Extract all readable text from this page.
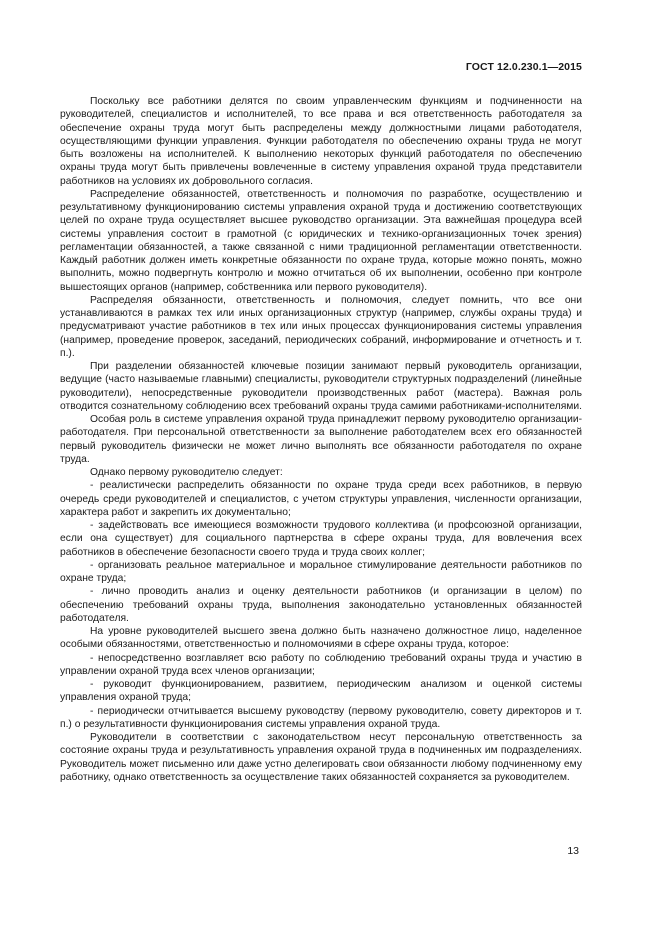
ГОСТ 12.0.230.1—2015

Поскольку все работники делятся по своим управленческим функциям и подчиненности на руководителей, специалистов и исполнителей, то все права и вся ответственность работодателя за обеспечение охраны труда могут быть распределены между должностными лицами работодателя, осуществляющими функции управления. Функции работодателя по обеспечению охраны труда не могут быть возложены на исполнителей. К выполнению некоторых функций работодателя по обеспечению охраны труда могут быть привлечены вовлеченные в систему управления охраной труда представители работников на условиях их добровольного согласия.

Распределение обязанностей, ответственность и полномочия по разработке, осуществлению и результативному функционированию системы управления охраной труда и достижению соответствующих целей по охране труда осуществляет высшее руководство организации. Эта важнейшая процедура всей системы управления состоит в грамотной (с юридических и технико-организационных точек зрения) регламентации обязанностей, а также связанной с ними традиционной регламентации ответственности. Каждый работник должен иметь конкретные обязанности по охране труда, которые можно понять, можно выполнить, можно подвергнуть контролю и можно отчитаться об их выполнении, особенно при контроле вышестоящих органов (например, собственника или первого руководителя).

Распределяя обязанности, ответственность и полномочия, следует помнить, что все они устанавливаются в рамках тех или иных организационных структур (например, службы охраны труда) и предусматривают участие работников в тех или иных процессах функционирования системы управления (например, проведение проверок, заседаний, периодических собраний, информирование и отчетность и т. п.).

При разделении обязанностей ключевые позиции занимают первый руководитель организации, ведущие (часто называемые главными) специалисты, руководители структурных подразделений (линейные руководители), непосредственные руководители производственных работ (мастера). Важная роль отводится сознательному соблюдению всех требований охраны труда самими работниками-исполнителями.

Особая роль в системе управления охраной труда принадлежит первому руководителю организации-работодателя. При персональной ответственности за выполнение работодателем всех его обязанностей первый руководитель физически не может лично выполнять все обязанности работодателя по охране труда.

Однако первому руководителю следует:

- реалистически распределить обязанности по охране труда среди всех работников, в первую очередь среди руководителей и специалистов, с учетом структуры управления, численности организации, характера работ и закрепить их документально;

- задействовать все имеющиеся возможности трудового коллектива (и профсоюзной организации, если она существует) для социального партнерства в сфере охраны труда, для вовлечения всех работников в обеспечение безопасности своего труда и труда своих коллег;

- организовать реальное материальное и моральное стимулирование деятельности работников по охране труда;

- лично проводить анализ и оценку деятельности работников (и организации в целом) по обеспечению требований охраны труда, выполнения законодательно установленных обязанностей работодателя.

На уровне руководителей высшего звена должно быть назначено должностное лицо, наделенное особыми обязанностями, ответственностью и полномочиями в сфере охраны труда, которое:

- непосредственно возглавляет всю работу по соблюдению требований охраны труда и участию в управлении охраной труда всех членов организации;

- руководит функционированием, развитием, периодическим анализом и оценкой системы управления охраной труда;

- периодически отчитывается высшему руководству (первому руководителю, совету директоров и т. п.) о результативности функционирования системы управления охраной труда.

Руководители в соответствии с законодательством несут персональную ответственность за состояние охраны труда и результативность управления охраной труда в подчиненных им подразделениях. Руководитель может письменно или даже устно делегировать свои обязанности любому подчиненному ему работнику, однако ответственность за осуществление таких обязанностей сохраняется за руководителем.

13
